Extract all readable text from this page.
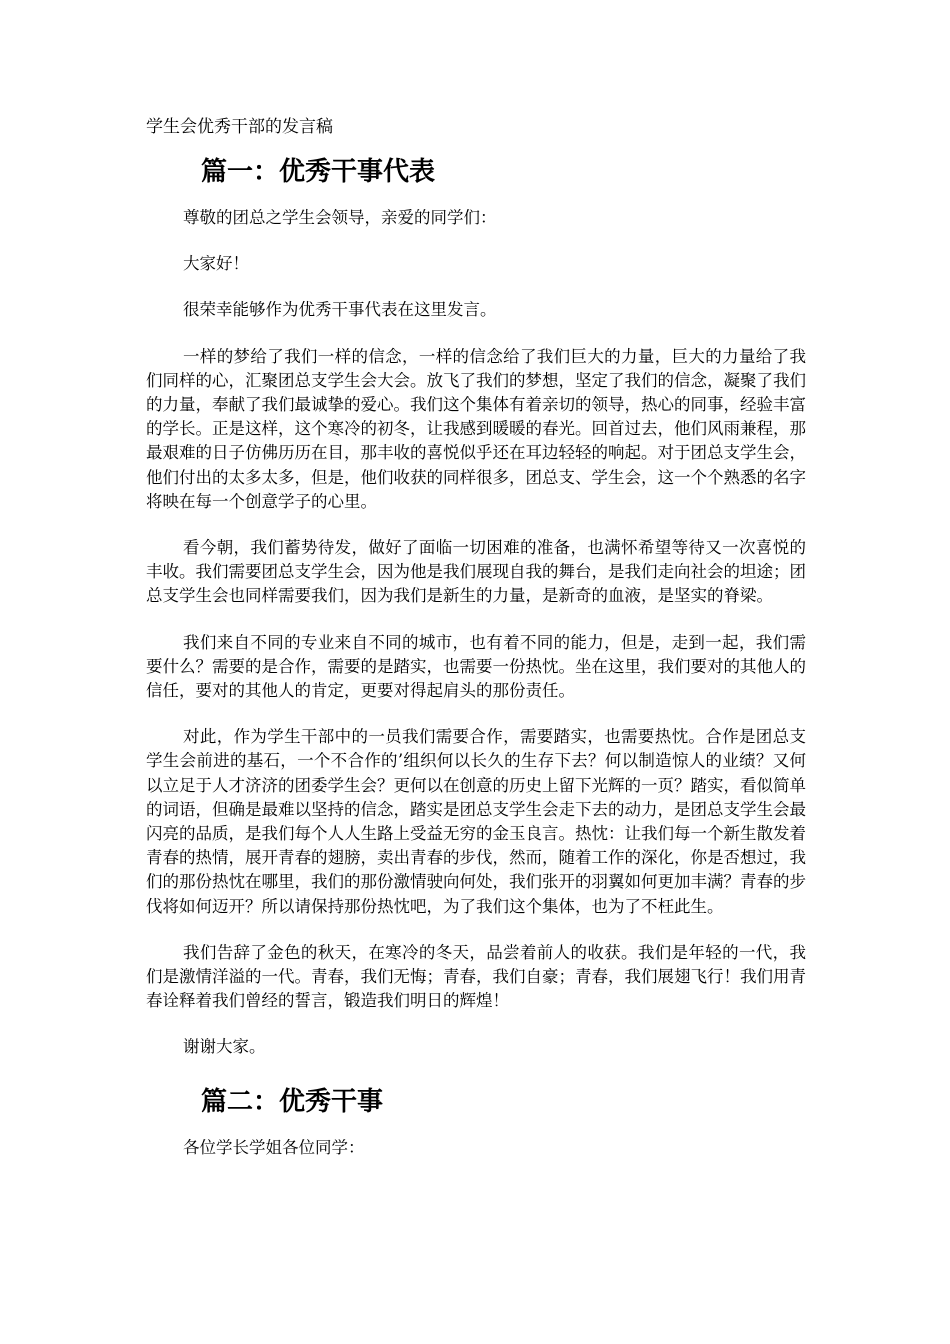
学生会优秀干部的发言稿
篇一：优秀干事代表

尊敬的团总之学生会领导，亲爱的同学们：

大家好！

很荣幸能够作为优秀干事代表在这里发言。

一样的梦给了我们一样的信念，一样的信念给了我们巨大的力量，巨大的力量给了我们同样的心，汇聚团总支学生会大会。放飞了我们的梦想，坚定了我们的信念，凝聚了我们的力量，奉献了我们最诚挚的爱心。我们这个集体有着亲切的领导，热心的同事，经验丰富的学长。正是这样，这个寒冷的初冬，让我感到暖暖的春光。回首过去，他们风雨兼程，那最艰难的日子仿佛历历在目，那丰收的喜悦似乎还在耳边轻轻的响起。对于团总支学生会，他们付出的太多太多，但是，他们收获的同样很多，团总支、学生会，这一个个熟悉的名字将映在每一个创意学子的心里。

看今朝，我们蓄势待发，做好了面临一切困难的准备，也满怀希望等待又一次喜悦的丰收。我们需要团总支学生会，因为他是我们展现自我的舞台，是我们走向社会的坦途；团总支学生会也同样需要我们，因为我们是新生的力量，是新奇的血液，是坚实的脊梁。

我们来自不同的专业来自不同的城市，也有着不同的能力，但是，走到一起，我们需要什么？需要的是合作，需要的是踏实，也需要一份热忱。坐在这里，我们要对的其他人的信任，要对的其他人的肯定，更要对得起肩头的那份责任。

对此，作为学生干部中的一员我们需要合作，需要踏实，也需要热忱。合作是团总支学生会前进的基石，一个不合作的’组织何以长久的生存下去？何以制造惊人的业绩？又何以立足于人才济济的团委学生会？更何以在创意的历史上留下光辉的一页？踏实，看似简单的词语，但确是最难以坚持的信念，踏实是团总支学生会走下去的动力，是团总支学生会最闪亮的品质，是我们每个人人生路上受益无穷的金玉良言。热忱：让我们每一个新生散发着青春的热情，展开青春的翅膀，卖出青春的步伐，然而，随着工作的深化，你是否想过，我们的那份热忱在哪里，我们的那份激情驶向何处，我们张开的羽翼如何更加丰满？青春的步伐将如何迈开？所以请保持那份热忱吧，为了我们这个集体，也为了不枉此生。

我们告辞了金色的秋天，在寒冷的冬天，品尝着前人的收获。我们是年轻的一代，我们是激情洋溢的一代。青春，我们无悔；青春，我们自豪；青春，我们展翅飞行！我们用青春诠释着我们曾经的誓言，锻造我们明日的辉煌！

谢谢大家。

篇二：优秀干事

各位学长学姐各位同学：
